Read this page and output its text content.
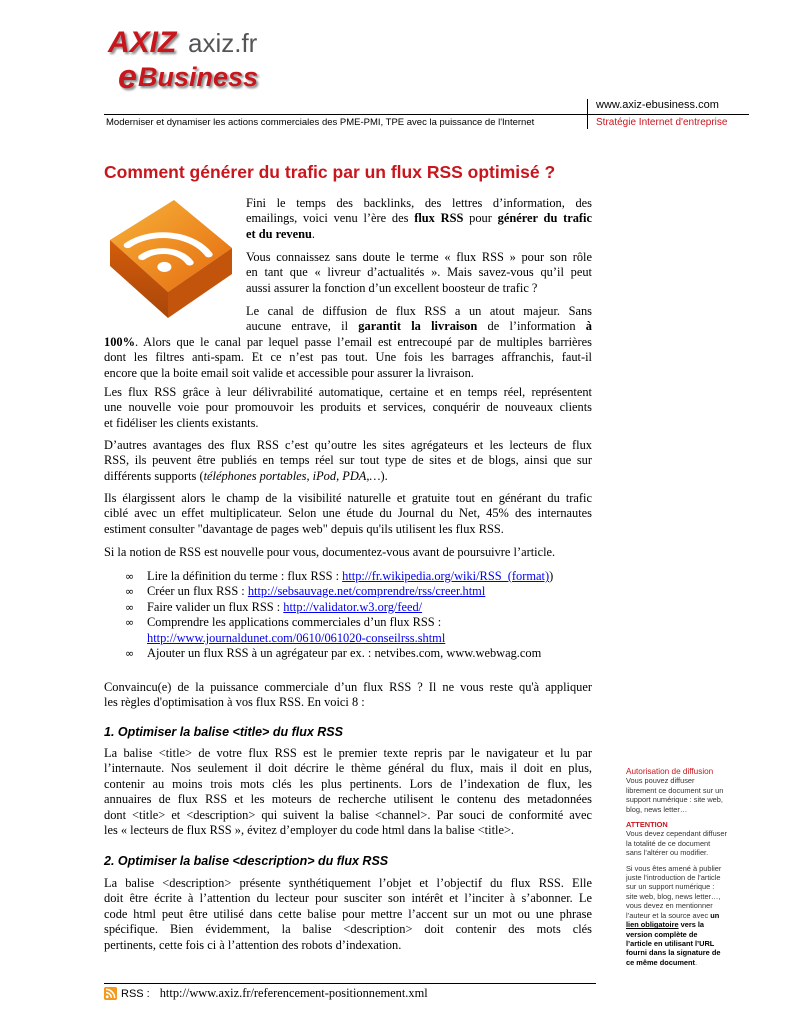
AXIZ axiz.fr
e Business
www.axiz-ebusiness.com
Moderniser et dynamiser les actions commerciales des PME-PMI, TPE avec la puissance de l'Internet	Stratégie Internet d'entreprise
Comment générer du trafic par un flux RSS optimisé ?
Fini le temps des backlinks, des lettres d’information, des
emailings, voici venu l’ère des flux RSS pour générer du trafic
et du revenu.
Vous connaissez sans doute le terme « flux RSS » pour son rôle
en tant que « livreur d’actualités ». Mais savez-vous qu’il peut
aussi assurer la fonction d’un excellent boosteur de trafic ?
Le canal de diffusion de flux RSS a un atout majeur. Sans
aucune entrave, il garantit la livraison de l’information à
100%. Alors que le canal par lequel passe l’email est entrecoupé par de multiples barrières
dont les filtres anti-spam. Et ce n’est pas tout. Une fois les barrages affranchis, faut-il
encore que la boite email soit valide et accessible pour assurer la livraison.
Les flux RSS grâce à leur délivrabilité automatique, certaine et en temps réel, représentent
une nouvelle voie pour promouvoir les produits et services, conquérir de nouveaux clients
et fidéliser les clients existants.
D’autres avantages des flux RSS c’est qu’outre les sites agrégateurs et les lecteurs de flux
RSS, ils peuvent être publiés en temps réel sur tout type de sites et de blogs, ainsi que sur
différents supports (téléphones portables, iPod, PDA,…).
Ils élargissent alors le champ de la visibilité naturelle et gratuite tout en générant du trafic
ciblé avec un effet multiplicateur. Selon une étude du Journal du Net, 45% des internautes
estiment consulter "davantage de pages web" depuis qu'ils utilisent les flux RSS.
Si la notion de RSS est nouvelle pour vous, documentez-vous avant de poursuivre l’article.
∞ Lire la définition du terme : flux RSS : http://fr.wikipedia.org/wiki/RSS_(format))
∞ Créer un flux RSS : http://sebsauvage.net/comprendre/rss/creer.html
∞ Faire valider un flux RSS : http://validator.w3.org/feed/
∞ Comprendre les applications commerciales d’un flux RSS :
http://www.journaldunet.com/0610/061020-conseilrss.shtml
∞ Ajouter un flux RSS à un agrégateur par ex. : netvibes.com, www.webwag.com
Convaincu(e) de la puissance commerciale d’un flux RSS ? Il ne vous reste qu'à appliquer
les règles d'optimisation à vos flux RSS. En voici 8 :
1. Optimiser la balise <title> du flux RSS
La balise <title> de votre flux RSS est le premier texte repris par le navigateur et lu par
l’internaute. Nos seulement il doit décrire le thème général du flux, mais il doit en plus,
contenir au moins trois mots clés les plus pertinents. Lors de l’indexation de flux, les
annuaires de flux RSS et les moteurs de recherche utilisent le contenu des metadonnées
dont <title> et <description> qui suivent la balise <channel>. Par souci de conformité avec
les « lecteurs de flux RSS », évitez d’employer du code html dans la balise <title>.
2. Optimiser la balise <description> du flux RSS
La balise <description> présente synthétiquement l’objet et l’objectif du flux RSS. Elle
doit être écrite à l’attention du lecteur pour susciter son intérêt et l’inciter à s’abonner. Le
code html peut être utilisé dans cette balise pour mettre l’accent sur un mot ou une phrase
spécifique. Bien évidemment, la balise <description> doit contenir des mots clés
pertinents, cette fois ci à l’attention des robots d’indexation.
Autorisation de diffusion
Vous pouvez diffuser
librement ce document sur un
support numérique : site web,
blog, news letter…
ATTENTION
Vous devez cependant diffuser
la totalité de ce document
sans l’altérer ou modifier.
Si vous êtes amené à publier
juste l’introduction de l’article
sur un support numérique :
site web, blog, news letter…,
vous devez en mentionner
l’auteur et la source avec un
lien obligatoire vers la
version complète de
l’article en utilisant l’URL
fourni dans la signature de
ce même document.
RSS : http://www.axiz.fr/referencement-positionnement.xml
